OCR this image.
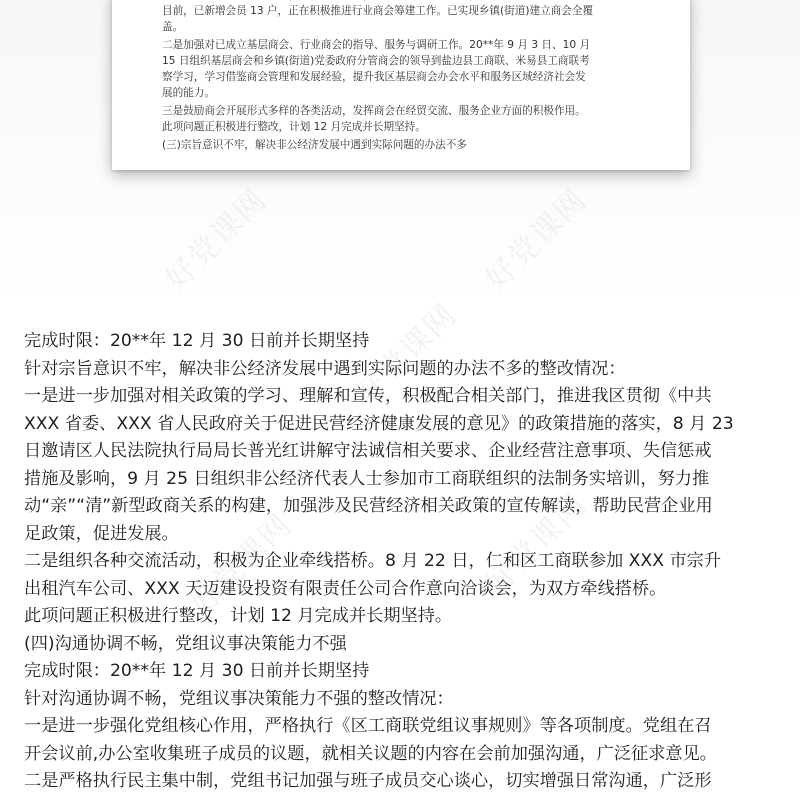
目前，已新增会员 13 户，正在积极推进行业商会筹建工作。已实现乡镇(街道)建立商会全覆
盖。
二是加强对已成立基层商会、行业商会的指导、服务与调研工作。20**年 9 月 3 日、10 月
15 日组织基层商会和乡镇(街道)党委政府分管商会的领导到盐边县工商联、米易县工商联考
察学习，学习借鉴商会管理和发展经验，提升我区基层商会办会水平和服务区域经济社会发
展的能力。
三是鼓励商会开展形式多样的各类活动，发挥商会在经贸交流、服务企业方面的积极作用。
此项问题正积极进行整改，计划 12 月完成并长期坚持。
(三)宗旨意识不牢，解决非公经济发展中遇到实际问题的办法不多
完成时限：20**年 12 月 30 日前并长期坚持
针对宗旨意识不牢，解决非公经济发展中遇到实际问题的办法不多的整改情况：
一是进一步加强对相关政策的学习、理解和宣传，积极配合相关部门，推进我区贯彻《中共
XXX 省委、XXX 省人民政府关于促进民营经济健康发展的意见》的政策措施的落实，8 月 23
日邀请区人民法院执行局局长普光红讲解守法诚信相关要求、企业经营注意事项、失信惩戒
措施及影响，9 月 25 日组织非公经济代表人士参加市工商联组织的法制务实培训，努力推
动“亲”“清”新型政商关系的构建，加强涉及民营经济相关政策的宣传解读，帮助民营企业用
足政策，促进发展。
二是组织各种交流活动，积极为企业牵线搭桥。8 月 22 日，仁和区工商联参加 XXX 市宗升
出租汽车公司、XXX 天迈建设投资有限责任公司合作意向洽谈会，为双方牵线搭桥。
此项问题正积极进行整改，计划 12 月完成并长期坚持。
(四)沟通协调不畅，党组议事决策能力不强
完成时限：20**年 12 月 30 日前并长期坚持
针对沟通协调不畅，党组议事决策能力不强的整改情况：
一是进一步强化党组核心作用，严格执行《区工商联党组议事规则》等各项制度。党组在召
开会议前,办公室收集班子成员的议题，就相关议题的内容在会前加强沟通，广泛征求意见。
二是严格执行民主集中制，党组书记加强与班子成员交心谈心，切实增强日常沟通，广泛形
好党课网
好党课网	好党课网
